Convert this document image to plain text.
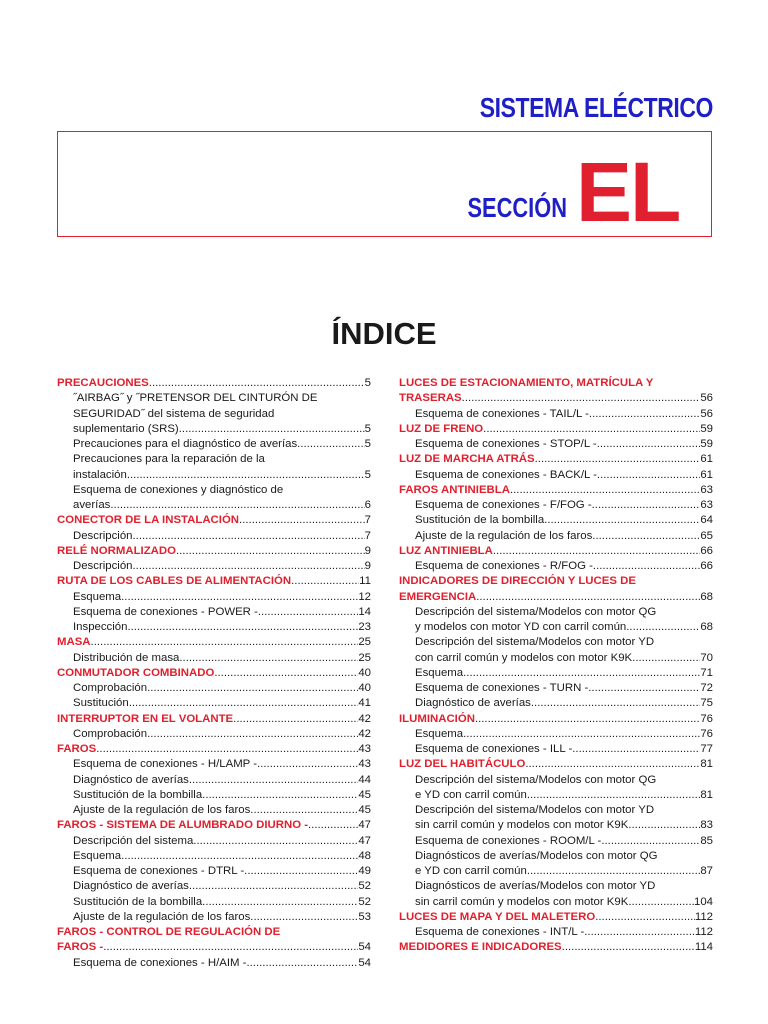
SISTEMA ELÉCTRICO
SECCIÓN EL
ÍNDICE
PRECAUCIONES .....	5
˝AIRBAG˝ y ˝PRETENSOR DEL CINTURÓN DE
SEGURIDAD˝ del sistema de seguridad
suplementario (SRS) .....	5
Precauciones para el diagnóstico de averías .....	5
Precauciones para la reparación de la
instalación .....	5
Esquema de conexiones y diagnóstico de
averías .....	6
CONECTOR DE LA INSTALACIÓN .....	7
Descripción .....	7
RELÉ NORMALIZADO .....	9
Descripción .....	9
RUTA DE LOS CABLES DE ALIMENTACIÓN .....	11
Esquema .....	12
Esquema de conexiones - POWER - .....	14
Inspección .....	23
MASA .....	25
Distribución de masa .....	25
CONMUTADOR COMBINADO .....	40
Comprobación .....	40
Sustitución .....	41
INTERRUPTOR EN EL VOLANTE .....	42
Comprobación .....	42
FAROS .....	43
Esquema de conexiones - H/LAMP - .....	43
Diagnóstico de averías .....	44
Sustitución de la bombilla .....	45
Ajuste de la regulación de los faros .....	45
FAROS - SISTEMA DE ALUMBRADO DIURNO - .....	47
Descripción del sistema .....	47
Esquema .....	48
Esquema de conexiones - DTRL - .....	49
Diagnóstico de averías .....	52
Sustitución de la bombilla .....	52
Ajuste de la regulación de los faros .....	53
FAROS - CONTROL DE REGULACIÓN DE
FAROS - .....	54
Esquema de conexiones - H/AIM - .....	54
LUCES DE ESTACIONAMIENTO, MATRÍCULA Y
TRASERAS .....	56
Esquema de conexiones - TAIL/L - .....	56
LUZ DE FRENO .....	59
Esquema de conexiones - STOP/L - .....	59
LUZ DE MARCHA ATRÁS .....	61
Esquema de conexiones - BACK/L - .....	61
FAROS ANTINIEBLA .....	63
Esquema de conexiones - F/FOG - .....	63
Sustitución de la bombilla .....	64
Ajuste de la regulación de los faros .....	65
LUZ ANTINIEBLA .....	66
Esquema de conexiones - R/FOG - .....	66
INDICADORES DE DIRECCIÓN Y LUCES DE
EMERGENCIA .....	68
Descripción del sistema/Modelos con motor QG
y modelos con motor YD con carril común .....	68
Descripción del sistema/Modelos con motor YD
con carril común y modelos con motor K9K .....	70
Esquema .....	71
Esquema de conexiones - TURN - .....	72
Diagnóstico de averías .....	75
ILUMINACIÓN .....	76
Esquema .....	76
Esquema de conexiones - ILL - .....	77
LUZ DEL HABITÁCULO .....	81
Descripción del sistema/Modelos con motor QG
e YD con carril común .....	81
Descripción del sistema/Modelos con motor YD
sin carril común y modelos con motor K9K .....	83
Esquema de conexiones - ROOM/L - .....	85
Diagnósticos de averías/Modelos con motor QG
e YD con carril común .....	87
Diagnósticos de averías/Modelos con motor YD
sin carril común y modelos con motor K9K .....	104
LUCES DE MAPA Y DEL MALETERO .....	112
Esquema de conexiones - INT/L - .....	112
MEDIDORES E INDICADORES .....	114
